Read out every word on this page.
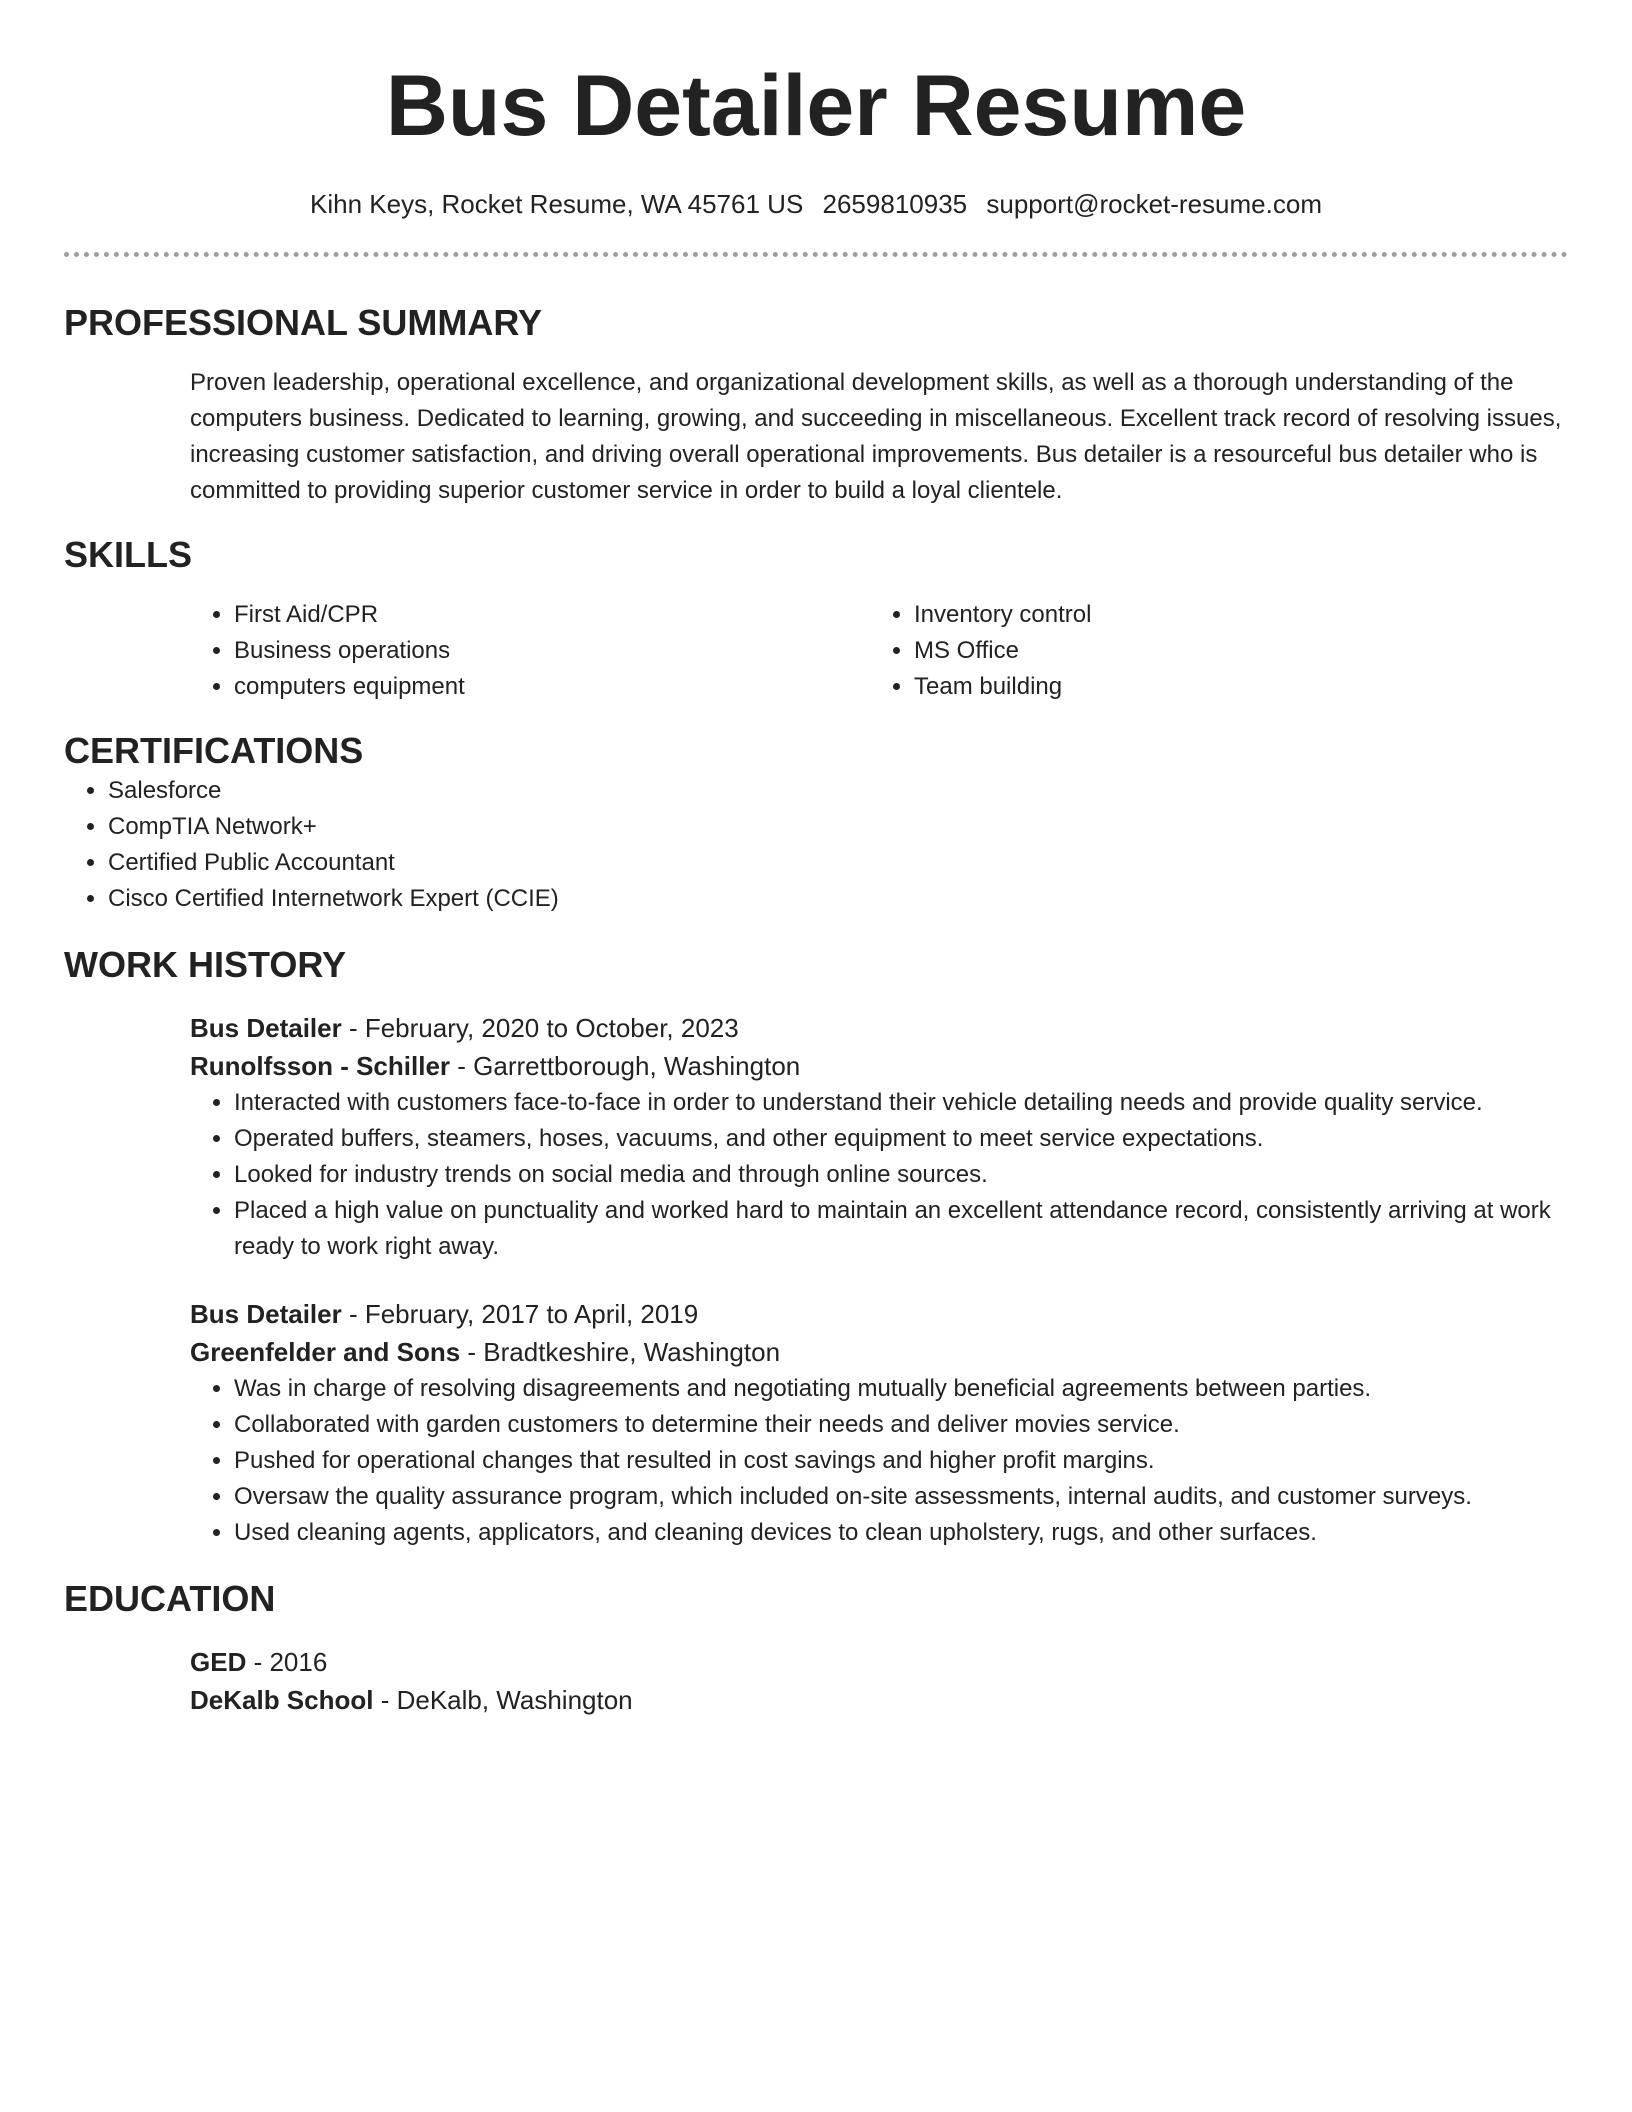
Bus Detailer Resume
Kihn Keys, Rocket Resume, WA 45761 US 2659810935 support@rocket-resume.com
PROFESSIONAL SUMMARY

Proven leadership, operational excellence, and organizational development skills, as well as a thorough understanding of the computers business. Dedicated to learning, growing, and succeeding in miscellaneous. Excellent track record of resolving issues, increasing customer satisfaction, and driving overall operational improvements. Bus detailer is a resourceful bus detailer who is committed to providing superior customer service in order to build a loyal clientele.

SKILLS
• First Aid/CPR
• Business operations
• computers equipment
• Inventory control
• MS Office
• Team building
CERTIFICATIONS
• Salesforce
• CompTIA Network+
• Certified Public Accountant
• Cisco Certified Internetwork Expert (CCIE)
WORK HISTORY
Bus Detailer - February, 2020 to October, 2023
Runolfsson - Schiller - Garrettborough, Washington
• Interacted with customers face-to-face in order to understand their vehicle detailing needs and provide quality service.
• Operated buffers, steamers, hoses, vacuums, and other equipment to meet service expectations.
• Looked for industry trends on social media and through online sources.
• Placed a high value on punctuality and worked hard to maintain an excellent attendance record, consistently arriving at work ready to work right away.
Bus Detailer - February, 2017 to April, 2019
Greenfelder and Sons - Bradtkeshire, Washington
• Was in charge of resolving disagreements and negotiating mutually beneficial agreements between parties.
• Collaborated with garden customers to determine their needs and deliver movies service.
• Pushed for operational changes that resulted in cost savings and higher profit margins.
• Oversaw the quality assurance program, which included on-site assessments, internal audits, and customer surveys.
• Used cleaning agents, applicators, and cleaning devices to clean upholstery, rugs, and other surfaces.
EDUCATION
GED - 2016
DeKalb School - DeKalb, Washington
